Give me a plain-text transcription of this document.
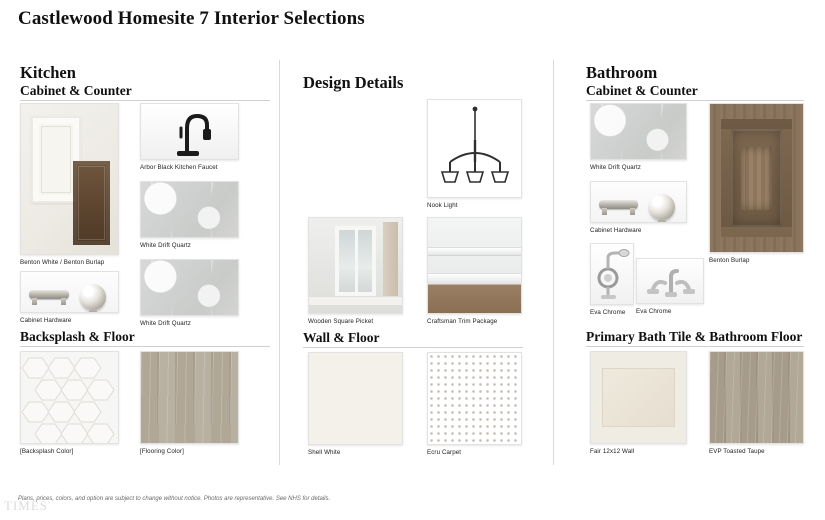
Castlewood Homesite 7 Interior Selections
Kitchen
Cabinet & Counter
Benton White / Benton Burlap
Arbor Black Kitchen Faucet
White Drift Quartz
Cabinet Hardware	White Drift Quartz
Backsplash & Floor
[Backsplash Color]	[Flooring Color]
Design Details
Nook Light
Wooden Square Picket	Craftsman Trim Package
Wall & Floor
Shell White	Ecru Carpet
Bathroom
Cabinet & Counter
White Drift Quartz
Benton Burlap
Cabinet Hardware
Eva Chrome	Eva Chrome
Primary Bath Tile & Bathroom Floor
Fair 12x12 Wall	EVP Toasted Taupe
Plans, prices, colors, and option are subject to change without notice. Photos are representative. See NHS for details.
TIMES
